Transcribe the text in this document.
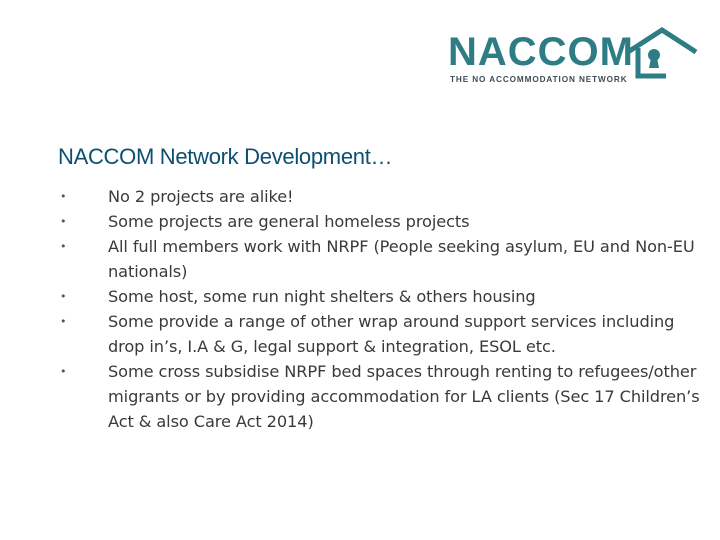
NACCOM
THE NO ACCOMMODATION NETWORK
NACCOM Network Development…
•	No 2 projects are alike!
•	Some projects are general homeless projects
•	All full members work with NRPF (People seeking asylum, EU and Non-EU nationals)
•	Some host, some run night shelters & others housing
•	Some provide a range of other wrap around support services including drop in’s, I.A & G, legal support & integration, ESOL etc.
•	Some cross subsidise NRPF bed spaces through renting to refugees/other migrants or by providing accommodation for LA clients (Sec 17 Children’s Act & also Care Act 2014)
